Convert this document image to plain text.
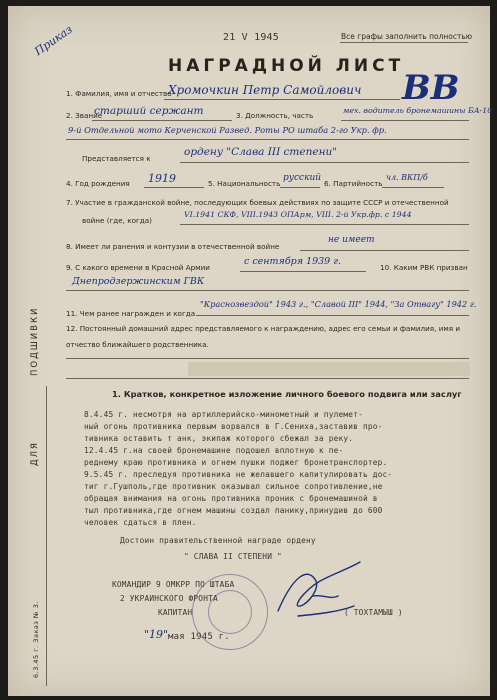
21 V 1945	Все графы заполнить полностью
Приказ
НАГРАДНОЙ ЛИСТ
ВВ
1. Фамилия, имя и отчество
Хромочкин Петр Самойлович
2. Звание
старший сержант	3. Должность, часть
мех. водитель бронемашины БА-10
9-й Отдельной мото Керченской Развед. Роты РО штаба 2-го Укр. фр.
Представляется к
ордену "Слава III степени"
4. Год рождения 1919	5. Национальность
русский
6. Партийность
чл. ВКП/б
7. Участие в гражданской войне, последующих боевых действиях по защите СССР и отечественной
войне (где, когда)
VI.1941 СКФ, VIII.1943 ОПАрм, VIII. 2-й Укр.фр. с 1944
8. Имеет ли ранения и контузии в отечественной войне
не имеет
9. С какого времени в Красной Армии
с сентября 1939 г.
10. Каким РВК призван
Днепродзержинским ГВК
11. Чем ранее награжден и когда
"Краснозвездой" 1943 г., "Славой III" 1944, "За Отвагу" 1942 г.
12. Постоянный домашний адрес представляемого к награждению, адрес его семьи и фамилия, имя и
отчество ближайшего родственника.
ДЛЯ
ПОДШИВКИ
6.3.45 г. Заказ № 3.
1. Кратков, конкретное изложение личного боевого подвига или заслуг
8.4.45 г. несмотря на артиллерийско-минометный и пулемет-
ный огонь противника первым ворвался в Г.Сениха,заставив про-
тивника оставить т анк, экипаж которого сбежал за реку.
12.4.45 г.на своей бронемашине подошел вплотную к пе-
реднему краю противника и огнем пушки поджег бронетранспортер.
9.5.45 г. преследуя противника не желавшего капитулировать дос-
тиг г.Гушполь,где противник оказывал сильное сопротивление,не
обращая внимания на огонь противника проник с бронемашиной в
тыл противника,где огнем машины создал панику,принудив до 600
человек сдаться в плен.
Достоин правительственной награде ордену
" СЛАВА II СТЕПЕНИ "
КОМАНДИР 9 ОМКРР ПО ШТАБА
2 УКРАИНСКОГО ФРОНТА
КАПИТАН	( ТОХТАМЫШ )
"19" мая 1945 г.
